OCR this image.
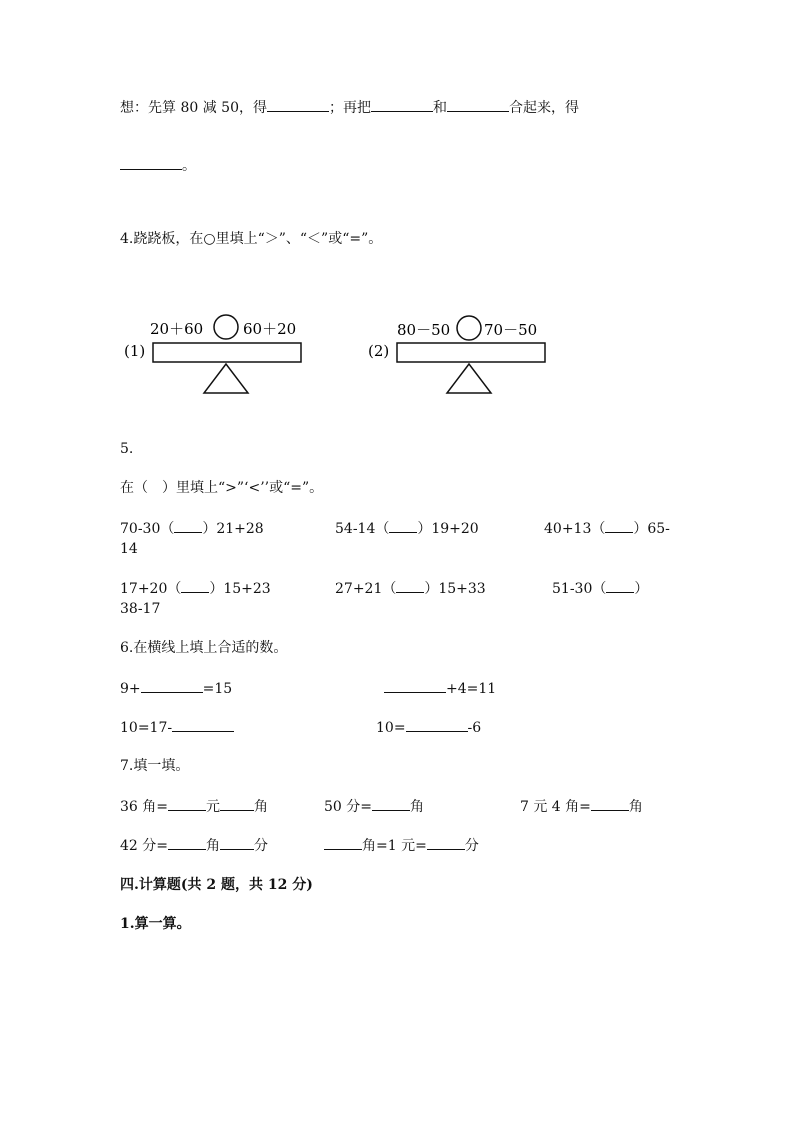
想：先算 80 减 50，得	；再把	和	合起来，得
。
4.跷跷板，在○里填上“＞”、“＜”或“=”。
(1)
20＋60	60＋20
(2)
80－50 70－50
5.
在（　）里填上“>”‘<’’或“=”。
70-30（ ）21+28	54-14（ ）19+20	40+13（ ）65-
14
17+20（ ）15+23	27+21（ ）15+33	51-30（ ）
38-17
6.在横线上填上合适的数。
9+	=15	+4=11
10=17-	10=	-6
7.填一填。
36 角=	元 角	50 分=	角	7 元 4 角=	角
42 分=	角 分	角=1 元=	分
四.计算题(共 2 题，共 12 分)
1.算一算。
